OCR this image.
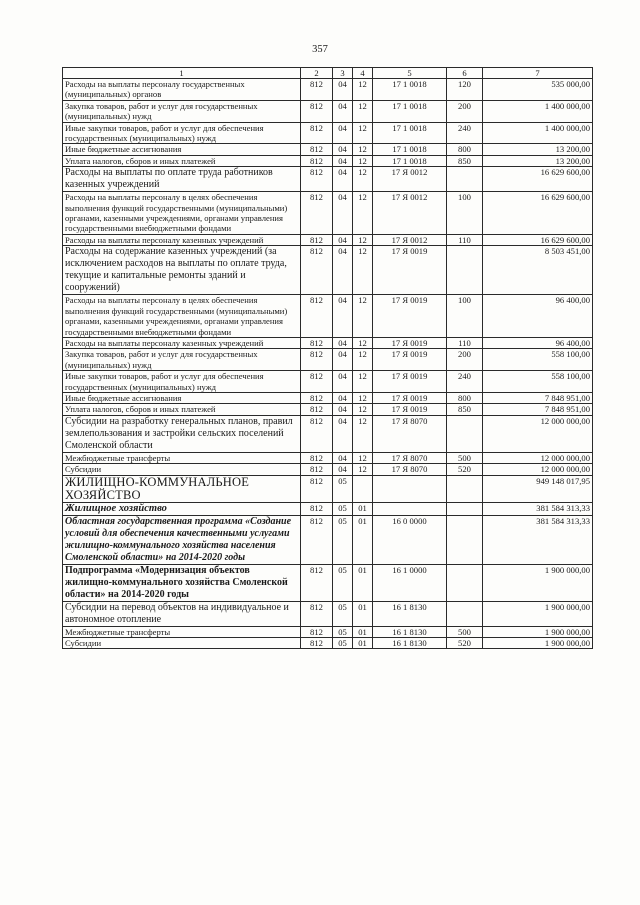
357
1	2	3	4	5	6	7
Расходы на выплаты персоналу государственных (муниципальных) органов	812	04	12	17 1 0018	120	535 000,00
Закупка товаров, работ и услуг для государственных (муниципальных) нужд	812	04	12	17 1 0018	200	1 400 000,00
Иные закупки товаров, работ и услуг для обеспечения государственных (муниципальных) нужд	812	04	12	17 1 0018	240	1 400 000,00
Иные бюджетные ассигнования	812	04	12	17 1 0018	800	13 200,00
Уплата налогов, сборов и иных платежей	812	04	12	17 1 0018	850	13 200,00
Расходы на выплаты по оплате труда работников казенных учреждений	812	04	12	17 Я 0012		16 629 600,00
Расходы на выплаты персоналу в целях обеспечения выполнения функций государственными (муниципальными) органами, казенными учреждениями, органами управления государственными внебюджетными фондами	812	04	12	17 Я 0012	100	16 629 600,00
Расходы на выплаты персоналу казенных учреждений	812	04	12	17 Я 0012	110	16 629 600,00
Расходы на содержание казенных учреждений (за исключением расходов на выплаты по оплате труда, текущие и капитальные ремонты зданий и сооружений)	812	04	12	17 Я 0019		8 503 451,00
Расходы на выплаты персоналу в целях обеспечения выполнения функций государственными (муниципальными) органами, казенными учреждениями, органами управления государственными внебюджетными фондами	812	04	12	17 Я 0019	100	96 400,00
Расходы на выплаты персоналу казенных учреждений	812	04	12	17 Я 0019	110	96 400,00
Закупка товаров, работ и услуг для государственных (муниципальных) нужд	812	04	12	17 Я 0019	200	558 100,00
Иные закупки товаров, работ и услуг для обеспечения государственных (муниципальных) нужд	812	04	12	17 Я 0019	240	558 100,00
Иные бюджетные ассигнования	812	04	12	17 Я 0019	800	7 848 951,00
Уплата налогов, сборов и иных платежей	812	04	12	17 Я 0019	850	7 848 951,00
Субсидии на разработку генеральных планов, правил землепользования и застройки сельских поселений Смоленской области	812	04	12	17 Я 8070		12 000 000,00
Межбюджетные трансферты	812	04	12	17 Я 8070	500	12 000 000,00
Субсидии	812	04	12	17 Я 8070	520	12 000 000,00
ЖИЛИЩНО-КОММУНАЛЬНОЕ ХОЗЯЙСТВО	812	05				949 148 017,95
Жилищное хозяйство	812	05	01			381 584 313,33
Областная государственная программа «Создание условий для обеспечения качественными услугами жилищно-коммунального хозяйства населения Смоленской области» на 2014-2020 годы	812	05	01	16 0 0000		381 584 313,33
Подпрограмма «Модернизация объектов жилищно-коммунального хозяйства Смоленской области» на 2014-2020 годы	812	05	01	16 1 0000		1 900 000,00
Субсидии на перевод объектов на индивидуальное и автономное отопление	812	05	01	16 1 8130		1 900 000,00
Межбюджетные трансферты	812	05	01	16 1 8130	500	1 900 000,00
Субсидии	812	05	01	16 1 8130	520	1 900 000,00
